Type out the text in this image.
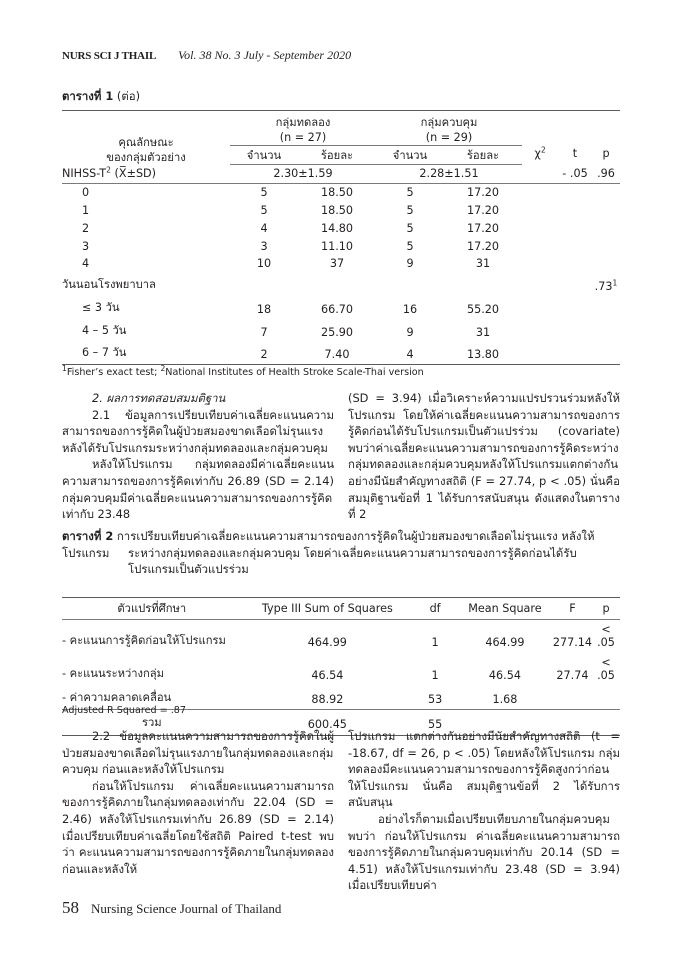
NURS SCI J THAIL Vol. 38 No. 3 July - September 2020
ตารางที่ 1 (ต่อ)
คุณลักษณะ
ของกลุ่มตัวอย่าง

กลุ่มทดลอง
(n = 27)

กลุ่มควบคุม
(n = 29)
	$\chi^2$	t	p
	จำนวน	ร้อยละ	จำนวน	ร้อยละ			
NIHSS-$T^2$ (X̅±SD)	2.30±1.59		2.28±1.51			- .05	.96
0	5	18.50	5	17.20			
1	5	18.50	5	17.20			
2	4	14.80	5	17.20			
3	3	11.10	5	17.20			
4	10	37	9	31			
วันนอนโรงพยาบาล							$.73^1$
≤ 3 วัน	18	66.70	16	55.20			
4 – 5 วัน	7	25.90	9	31			
6 – 7 วัน	2	7.40	4	13.80			
$^1$Fisher’s exact test; $^2$National Institutes of Health Stroke Scale-Thai version

2. ผลการทดสอบสมมติฐาน

2.1 ข้อมูลการเปรียบเทียบค่าเฉลี่ยคะแนนความสามารถของการรู้คิดในผู้ป่วยสมองขาดเลือดไม่รุนแรงหลังได้รับโปรแกรมระหว่างกลุ่มทดลองและกลุ่มควบคุม

หลังให้โปรแกรม กลุ่มทดลองมีค่าเฉลี่ยคะแนนความสามารถของการรู้คิดเท่ากับ 26.89 (SD = 2.14) กลุ่มควบคุมมีค่าเฉลี่ยคะแนนความสามารถของการรู้คิดเท่ากับ 23.48

(SD = 3.94) เมื่อวิเคราะห์ความแปรปรวนร่วมหลังให้โปรแกรม โดยให้ค่าเฉลี่ยคะแนนความสามารถของการรู้คิดก่อนได้รับโปรแกรมเป็นตัวแปรร่วม (covariate) พบว่าค่าเฉลี่ยคะแนนความสามารถของการรู้คิดระหว่างกลุ่มทดลองและกลุ่มควบคุมหลังให้โปรแกรมแตกต่างกันอย่างมีนัยสำคัญทางสถิติ (F = 27.74, p < .05) นั่นคือ สมมุติฐานข้อที่ 1 ได้รับการสนับสนุน ดังแสดงในตารางที่ 2

ตารางที่ 2 การเปรียบเทียบค่าเฉลี่ยคะแนนความสามารถของการรู้คิดในผู้ป่วยสมองขาดเลือดไม่รุนแรง หลังให้โปรแกรม	ระหว่างกลุ่มทดลองและกลุ่มควบคุม โดยค่าเฉลี่ยคะแนนความสามารถของการรู้คิดก่อนได้รับโปรแกรมเป็นตัวแปรร่วม
ตัวแปรที่ศึกษา	Type III Sum of Squares	df	Mean Square	F	p
- คะแนนการรู้คิดก่อนให้โปรแกรม	464.99	1	464.99	277.14	< .05
- คะแนนระหว่างกลุ่ม	46.54	1	46.54	27.74	< .05
- ค่าความคลาดเคลื่อน	88.92	53	1.68		
รวม	600.45	55			
Adjusted R Squared = .87

2.2 ข้อมูลคะแนนความสามารถของการรู้คิดในผู้ป่วยสมองขาดเลือดไม่รุนแรงภายในกลุ่มทดลองและกลุ่มควบคุม ก่อนและหลังให้โปรแกรม

ก่อนให้โปรแกรม ค่าเฉลี่ยคะแนนความสามารถของการรู้คิดภายในกลุ่มทดลองเท่ากับ 22.04 (SD = 2.46) หลังให้โปรแกรมเท่ากับ 26.89 (SD = 2.14) เมื่อเปรียบเทียบค่าเฉลี่ยโดยใช้สถิติ Paired t-test พบว่า คะแนนความสามารถของการรู้คิดภายในกลุ่มทดลองก่อนและหลังให้

โปรแกรม แตกต่างกันอย่างมีนัยสำคัญทางสถิติ (t = -18.67, df = 26, p < .05) โดยหลังให้โปรแกรม กลุ่มทดลองมีคะแนนความสามารถของการรู้คิดสูงกว่าก่อนให้โปรแกรม นั่นคือ สมมุติฐานข้อที่ 2 ได้รับการสนับสนุน

อย่างไรก็ตามเมื่อเปรียบเทียบภายในกลุ่มควบคุม พบว่า ก่อนให้โปรแกรม ค่าเฉลี่ยคะแนนความสามารถของการรู้คิดภายในกลุ่มควบคุมเท่ากับ 20.14 (SD = 4.51) หลังให้โปรแกรมเท่ากับ 23.48 (SD = 3.94) เมื่อเปรียบเทียบค่า

58 Nursing Science Journal of Thailand
